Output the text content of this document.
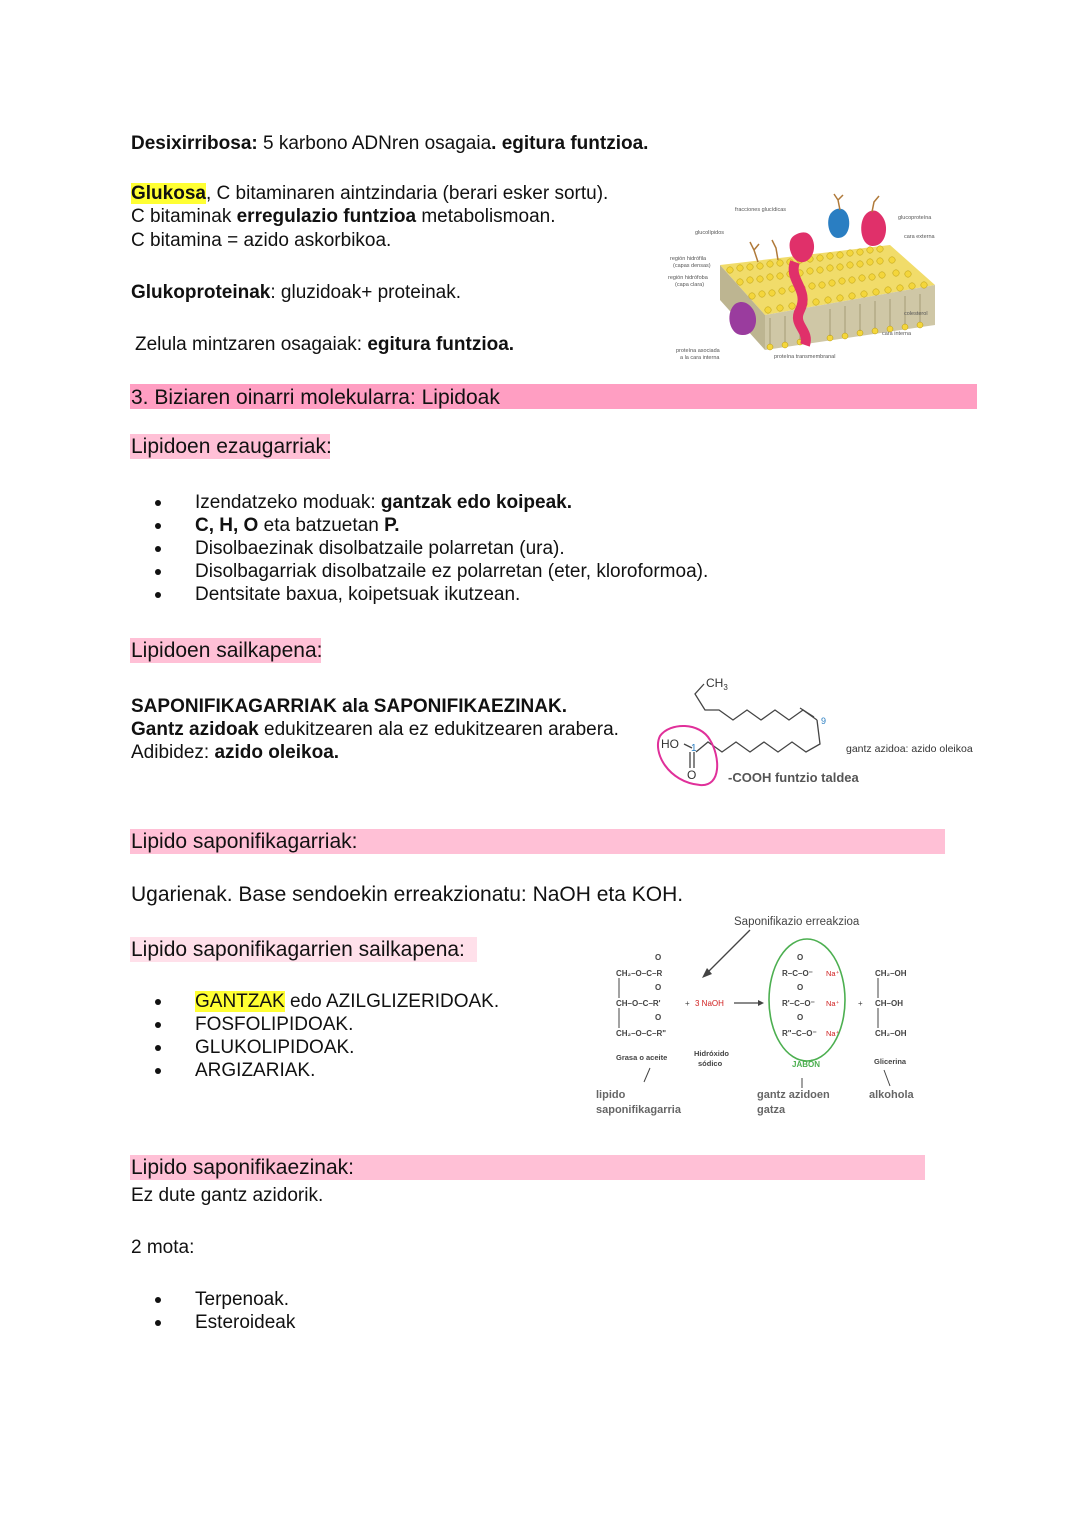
Desixirribosa: 5 karbono ADNren osagaia. egitura funtzioa.
Glukosa, C bitaminaren aintzindaria (berari esker sortu).
C bitaminak erregulazio funtzioa metabolismoan.
C bitamina = azido askorbikoa.
Glukoproteinak: gluzidoak+ proteinak.
Zelula mintzaren osagaiak: egitura funtzioa.
fracciones glucídicas
glucolípidos
región hidrófila
(capas densas)
región hidrófoba
(capa clara)
glucoproteína
cara externa
colesterol
cara interna
proteína asociada
a la cara interna	proteína transmembranal
3. Biziaren oinarri molekularra: Lipidoak
Lipidoen ezaugarriak:
Izendatzeko moduak: gantzak edo koipeak.
C, H, O eta batzuetan P.
Disolbaezinak disolbatzaile polarretan (ura).
Disolbagarriak disolbatzaile ez polarretan (eter, kloroformoa).
Dentsitate baxua, koipetsuak ikutzean.
Lipidoen sailkapena:
SAPONIFIKAGARRIAK ala SAPONIFIKAEZINAK.
Gantz azidoak edukitzearen ala ez edukitzearen arabera.
Adibidez: azido oleikoa.
$CH_3$
HO
O
1
9
gantz azidoa: azido oleikoa
-COOH funtzio taldea
Lipido saponifikagarriak:
Ugarienak. Base sendoekin erreakzionatu: NaOH eta KOH.
Lipido saponifikagarrien sailkapena:
GANTZAK edo AZILGLIZERIDOAK.
FOSFOLIPIDOAK.
GLUKOLIPIDOAK.
ARGIZARIAK.
Saponifikazio erreakzioa
O
O
O
CH₂–O–C–R
CH–O–C–R'
CH₂–O–C–R"
+ 3 NaOH
O
O
O
R–C–O⁻
R'–C–O⁻
R"–C–O⁻
Na⁺
Na⁺
Na⁺
+
CH₂–OH
CH–OH
CH₂–OH
Grasa o aceite	Hidróxido
sódico	Glicerina
JABÓN
lipido
saponifikagarria
gantz azidoen
gatza
alkohola
Lipido saponifikaezinak:
Ez dute gantz azidorik.
2 mota:
Terpenoak.
Esteroideak
